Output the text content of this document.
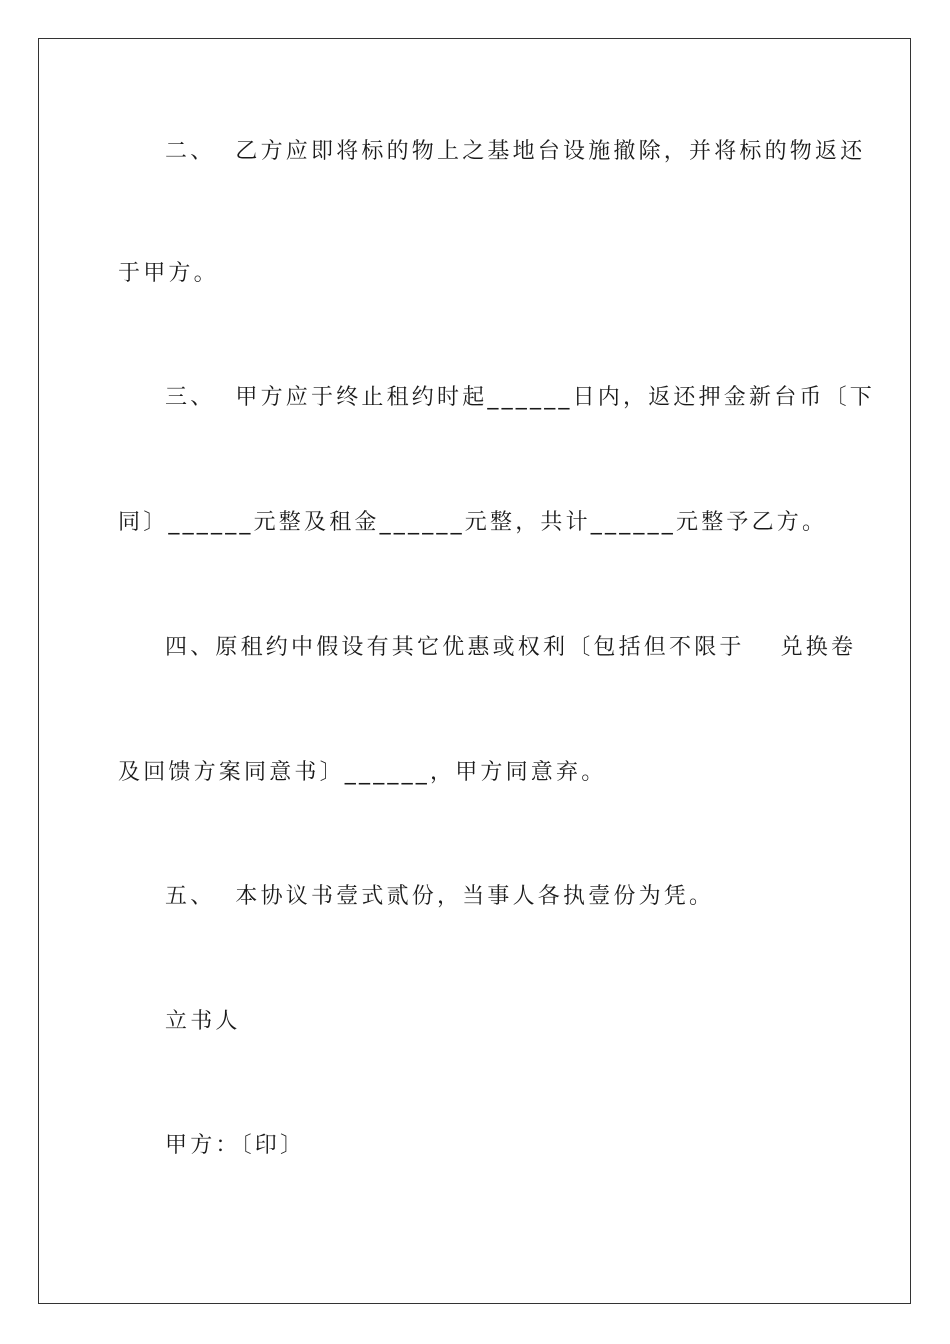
二、 乙方应即将标的物上之基地台设施撤除，并将标的物返还
于甲方。
三、 甲方应于终止租约时起______日内，返还押金新台币〔下
同〕______元整及租金______元整，共计______元整予乙方。
四、原租约中假设有其它优惠或权利〔包括但不限于 兑换卷
及回馈方案同意书〕______，甲方同意弃。
五、 本协议书壹式贰份，当事人各执壹份为凭。
立书人
甲方：〔印〕
